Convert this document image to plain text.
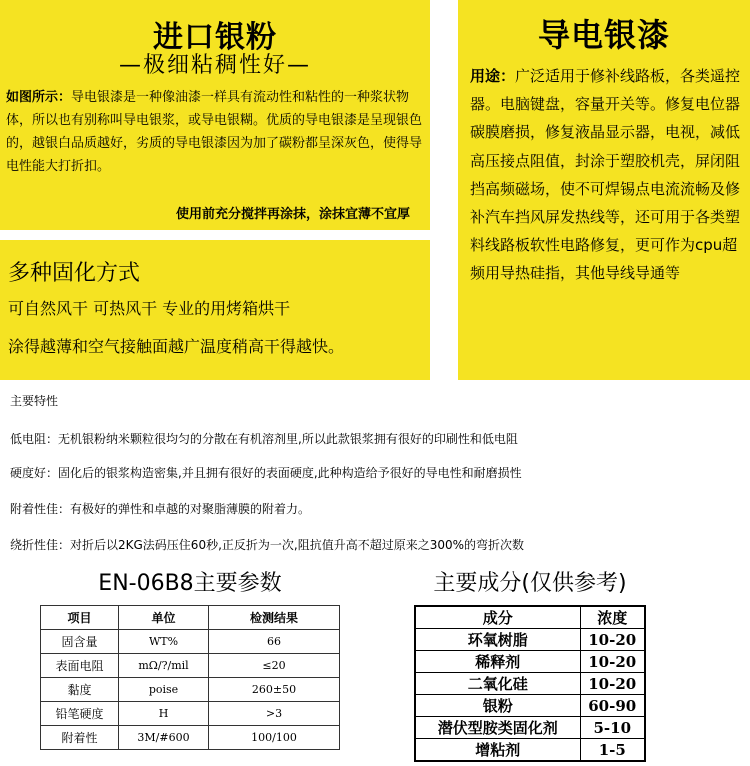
进口银粉
—极细粘稠性好—
如图所示：导电银漆是一种像油漆一样具有流动性和粘性的一种浆状物体，所以也有别称叫导电银浆，或导电银糊。优质的导电银漆是呈现银色的，越银白品质越好，劣质的导电银漆因为加了碳粉都呈深灰色，使得导电性能大打折扣。
使用前充分搅拌再涂抹，涂抹宜薄不宜厚
多种固化方式
可自然风干 可热风干 专业的用烤箱烘干
涂得越薄和空气接触面越广温度稍高干得越快。
导电银漆
用途：广泛适用于修补线路板，各类遥控器。电脑键盘，容量开关等。修复电位器碳膜磨损，修复液晶显示器，电视，减低高压接点阻值，封涂于塑胶机壳，屏闭阻挡高频磁场，使不可焊锡点电流流畅及修补汽车挡风屏发热线等，还可用于各类塑料线路板软性电路修复，更可作为cpu超频用导热硅指，其他导线导通等
主要特性
低电阻：无机银粉纳米颗粒很均匀的分散在有机溶剂里,所以此款银浆拥有很好的印刷性和低电阻
硬度好：固化后的银浆构造密集,并且拥有很好的表面硬度,此种构造给予很好的导电性和耐磨损性
附着性佳：有极好的弹性和卓越的对聚脂薄膜的附着力。
绕折性佳：对折后以2KG法码压住60秒,正反折为一次,阻抗值升高不超过原来之300%的弯折次数
EN-06B8主要参数
项目	单位	检测结果
固含量	WT%	66
表面电阻	mΩ/?/mil	≤20
黏度	poise	260±50
铅笔硬度	H	>3
附着性	3M/#600	100/100
主要成分(仅供参考)
成分	浓度
环氧树脂	10-20
稀释剂	10-20
二氧化硅	10-20
银粉	60-90
潜伏型胺类固化剂	5-10
增粘剂	1-5
